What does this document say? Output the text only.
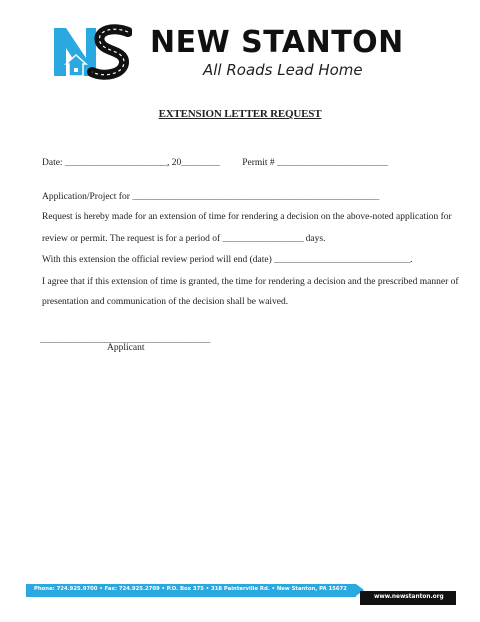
NEW STANTON
All Roads Lead Home
EXTENSION LETTER REQUEST
Date: ________________________, 20_________ Permit # __________________________
Application/Project for __________________________________________________________
Request is hereby made for an extension of time for rendering a decision on the above-noted application for
review or permit. The request is for a period of ___________________ days.
With this extension the official review period will end (date) ________________________________.
I agree that if this extension of time is granted, the time for rendering a decision and the prescribed manner of
presentation and communication of the decision shall be waived.
________________________________________
Applicant
Phone: 724.925.9700 • Fax: 724.925.2709 • P.O. Box 375 • 318 Painterville Rd. • New Stanton, PA 15672
www.newstanton.org
